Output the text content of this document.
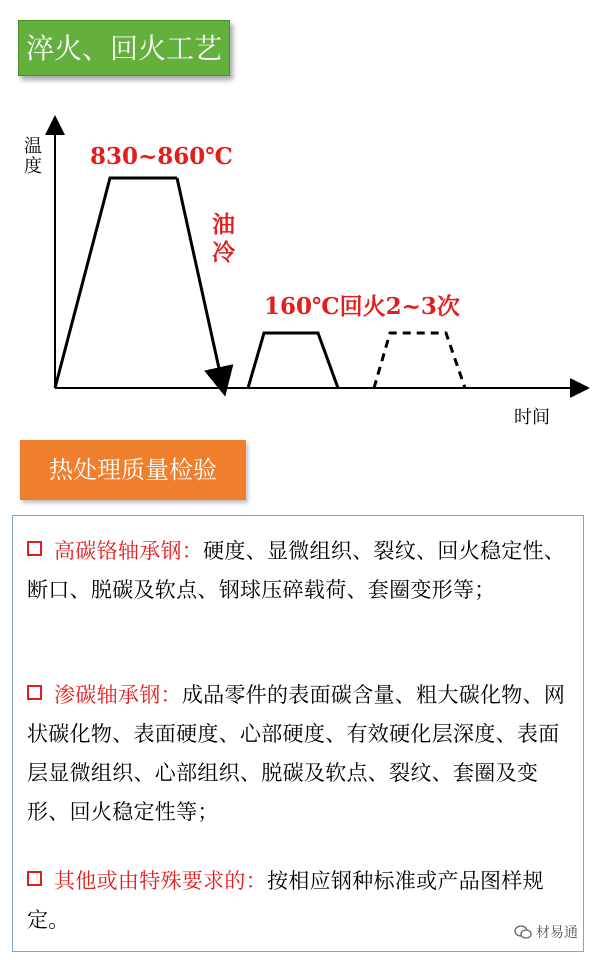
淬火、回火工艺
温
度
时间
830~860℃
油
冷
160℃回火2~3次
热处理质量检验
高碳铬轴承钢：硬度、显微组织、裂纹、回火稳定性、断口、脱碳及软点、钢球压碎载荷、套圈变形等；
渗碳轴承钢：成品零件的表面碳含量、粗大碳化物、网状碳化物、表面硬度、心部硬度、有效硬化层深度、表面层显微组织、心部组织、脱碳及软点、裂纹、套圈及变形、回火稳定性等；
其他或由特殊要求的：按相应钢种标准或产品图样规定。
材易通
